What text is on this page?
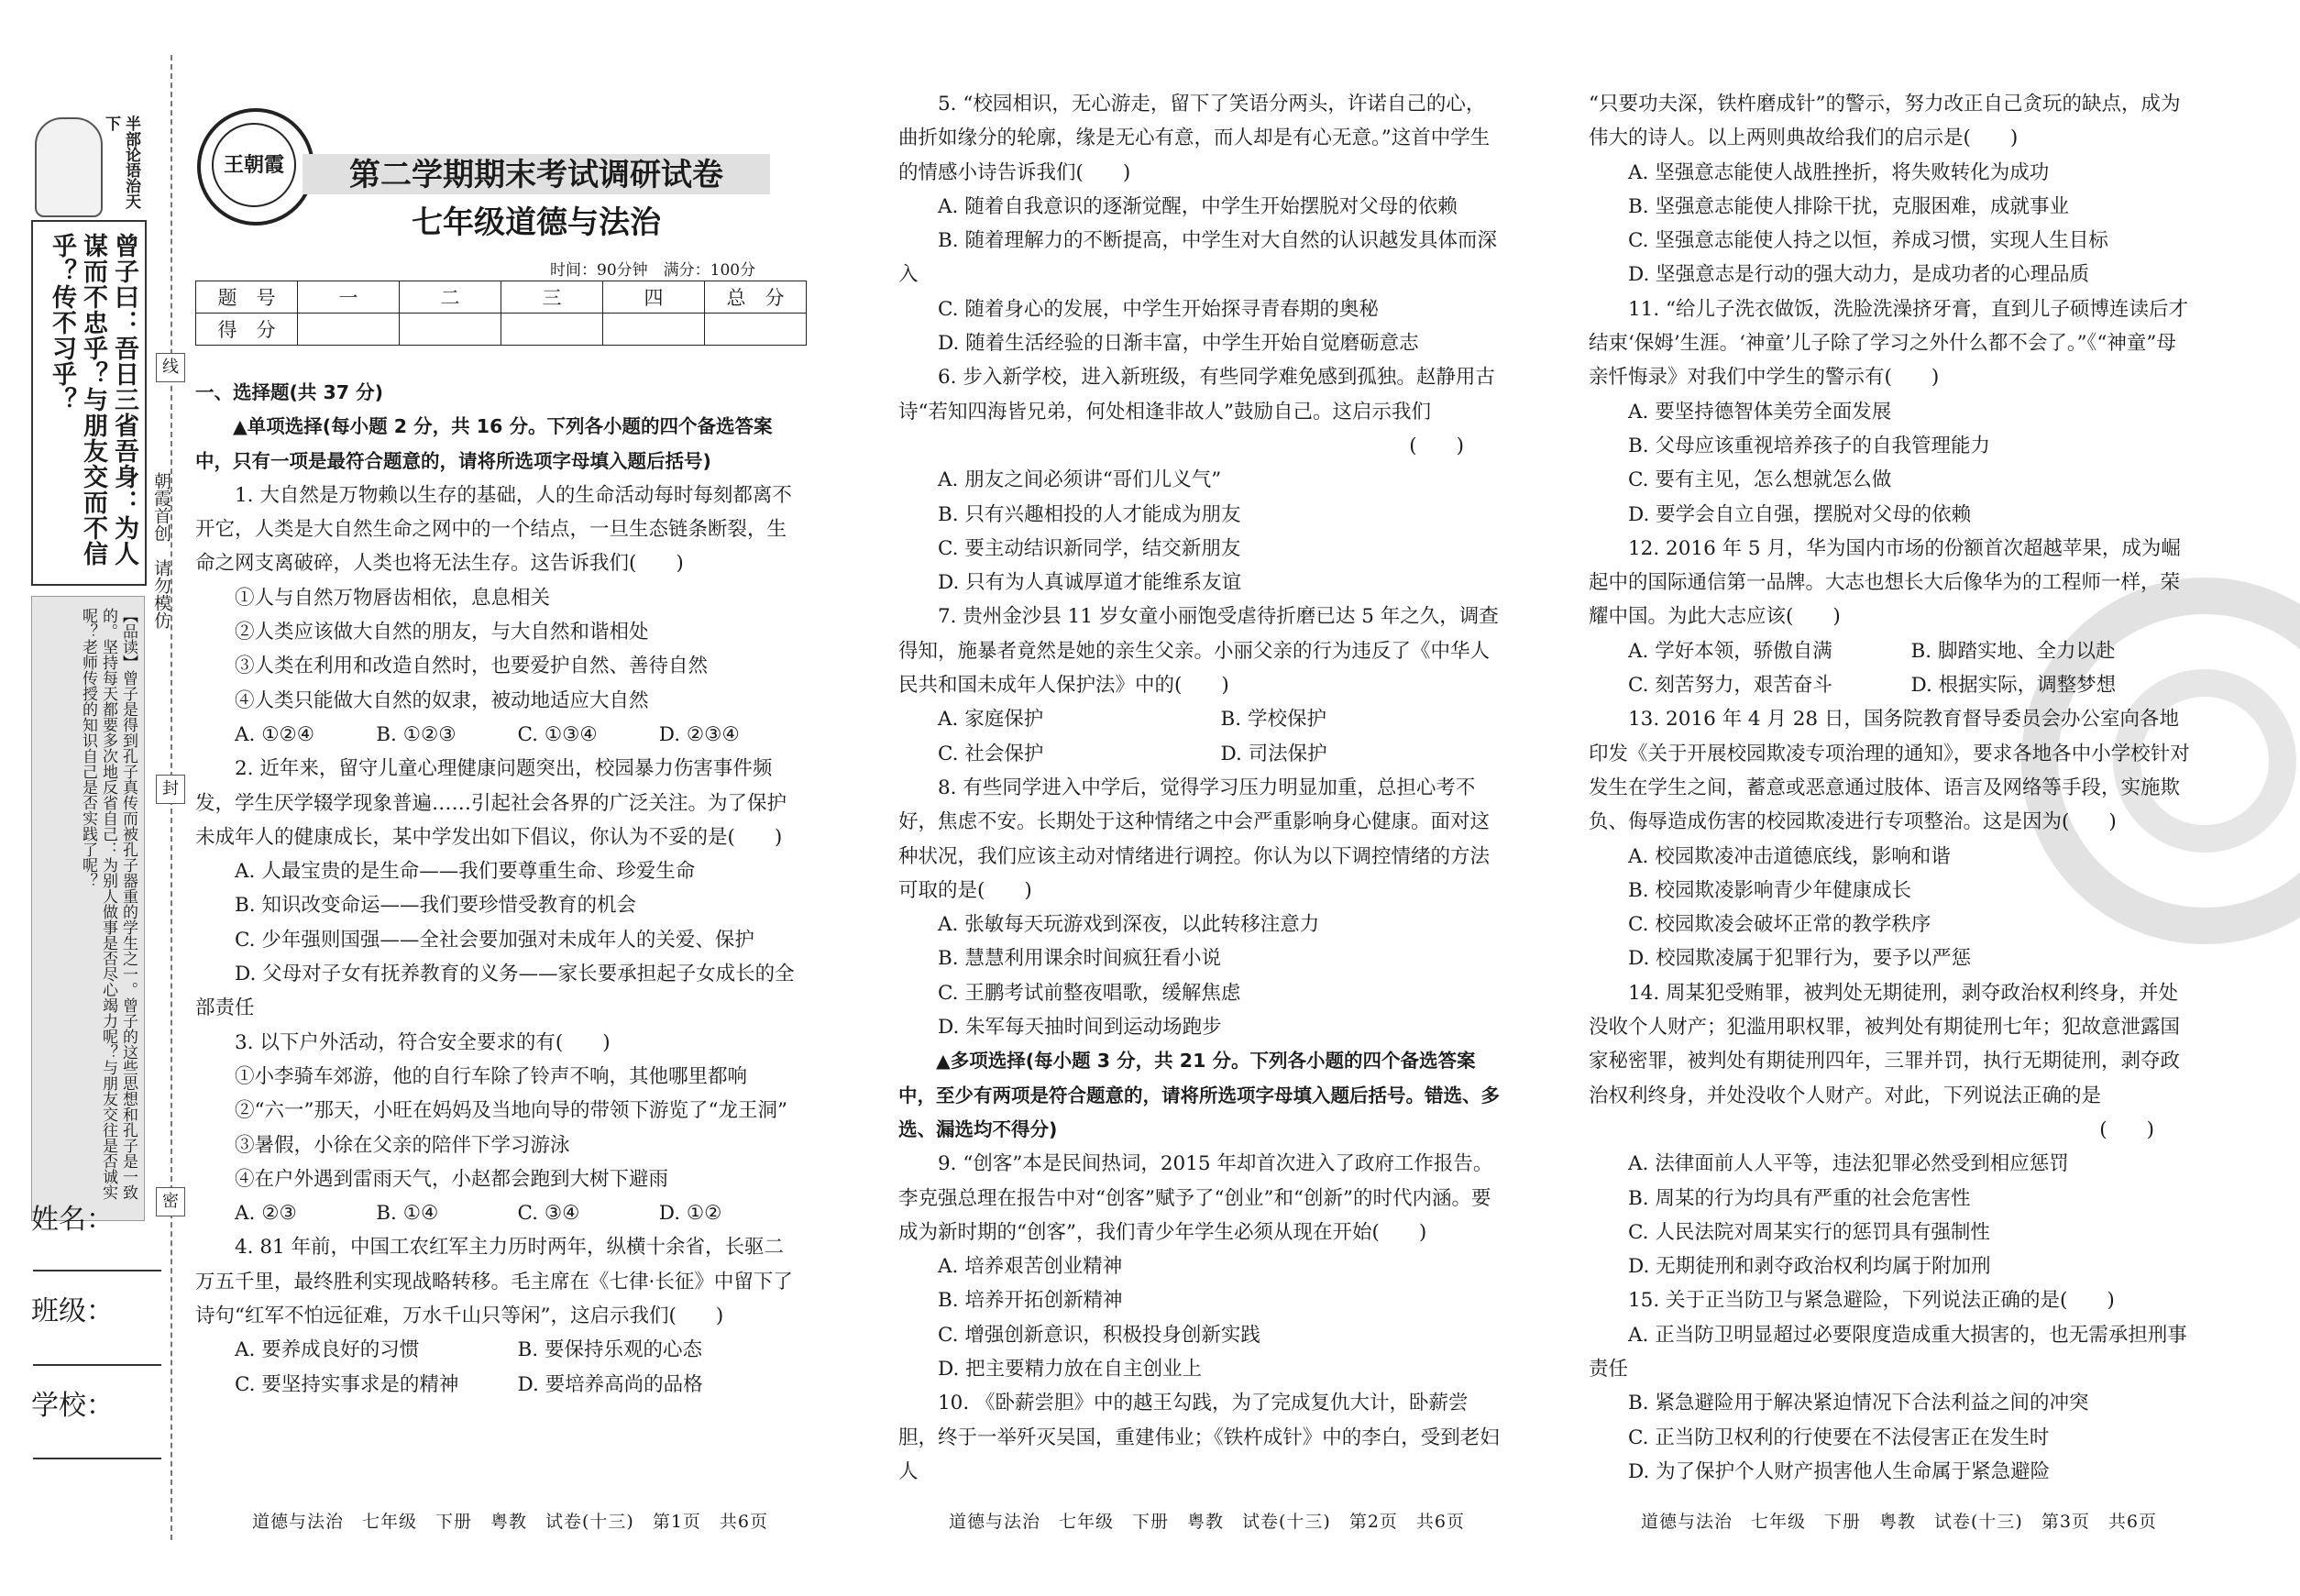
半部论语治天下
曾子曰：吾日三省吾身：为人谋而不忠乎？与朋友交而不信乎？传不习乎？
【品读】曾子是得到孔子真传而被孔子器重的学生之一。曾子的这些思想和孔子是一致的。坚持每天都要多次地反省自己：为别人做事是否尽心竭力呢？与朋友交往是否诚实呢？老师传授的知识自己是否实践了呢？
姓名：
班级：
学校：
线
封
密
朝霞首创　请勿模仿
王朝霞	第二学期期末考试调研试卷
七年级道德与法治
时间：90分钟　满分：100分
题　号	一	二	三	四	总　分
得　分					

一、选择题(共 37 分)

▲单项选择(每小题 2 分，共 16 分。下列各小题的四个备选答案中，只有一项是最符合题意的，请将所选项字母填入题后括号)

1. 大自然是万物赖以生存的基础，人的生命活动每时每刻都离不开它，人类是大自然生命之网中的一个结点，一旦生态链条断裂，生命之网支离破碎，人类也将无法生存。这告诉我们(　　)

①人与自然万物唇齿相依，息息相关

②人类应该做大自然的朋友，与大自然和谐相处

③人类在利用和改造自然时，也要爱护自然、善待自然

④人类只能做大自然的奴隶，被动地适应大自然

A. ①②④	B. ①②③	C. ①③④	D. ②③④

2. 近年来，留守儿童心理健康问题突出，校园暴力伤害事件频发，学生厌学辍学现象普遍……引起社会各界的广泛关注。为了保护未成年人的健康成长，某中学发出如下倡议，你认为不妥的是(　　)

A. 人最宝贵的是生命——我们要尊重生命、珍爱生命

B. 知识改变命运——我们要珍惜受教育的机会

C. 少年强则国强——全社会要加强对未成年人的关爱、保护

D. 父母对子女有抚养教育的义务——家长要承担起子女成长的全部责任

3. 以下户外活动，符合安全要求的有(　　)

①小李骑车郊游，他的自行车除了铃声不响，其他哪里都响

②“六一”那天，小旺在妈妈及当地向导的带领下游览了“龙王洞”

③暑假，小徐在父亲的陪伴下学习游泳

④在户外遇到雷雨天气，小赵都会跑到大树下避雨

A. ②③	B. ①④	C. ③④	D. ①②

4. 81 年前，中国工农红军主力历时两年，纵横十余省，长驱二万五千里，最终胜利实现战略转移。毛主席在《七律·长征》中留下了诗句“红军不怕远征难，万水千山只等闲”，这启示我们(　　)

A. 要养成良好的习惯	B. 要保持乐观的心态

C. 要坚持实事求是的精神	D. 要培养高尚的品格

道德与法治　七年级　下册　粤教　试卷(十三)　第1页　共6页

5. “校园相识，无心游走，留下了笑语分两头，许诺自己的心，曲折如缘分的轮廓，缘是无心有意，而人却是有心无意。”这首中学生的情感小诗告诉我们(　　)

A. 随着自我意识的逐渐觉醒，中学生开始摆脱对父母的依赖

B. 随着理解力的不断提高，中学生对大自然的认识越发具体而深入

C. 随着身心的发展，中学生开始探寻青春期的奥秘

D. 随着生活经验的日渐丰富，中学生开始自觉磨砺意志

6. 步入新学校，进入新班级，有些同学难免感到孤独。赵静用古诗“若知四海皆兄弟，何处相逢非故人”鼓励自己。这启示我们

(　　)

A. 朋友之间必须讲“哥们儿义气”

B. 只有兴趣相投的人才能成为朋友

C. 要主动结识新同学，结交新朋友

D. 只有为人真诚厚道才能维系友谊

7. 贵州金沙县 11 岁女童小丽饱受虐待折磨已达 5 年之久，调查得知，施暴者竟然是她的亲生父亲。小丽父亲的行为违反了《中华人民共和国未成年人保护法》中的(　　)

A. 家庭保护	B. 学校保护

C. 社会保护	D. 司法保护

8. 有些同学进入中学后，觉得学习压力明显加重，总担心考不好，焦虑不安。长期处于这种情绪之中会严重影响身心健康。面对这种状况，我们应该主动对情绪进行调控。你认为以下调控情绪的方法可取的是(　　)

A. 张敏每天玩游戏到深夜，以此转移注意力

B. 慧慧利用课余时间疯狂看小说

C. 王鹏考试前整夜唱歌，缓解焦虑

D. 朱军每天抽时间到运动场跑步

▲多项选择(每小题 3 分，共 21 分。下列各小题的四个备选答案中，至少有两项是符合题意的，请将所选项字母填入题后括号。错选、多选、漏选均不得分)

9. “创客”本是民间热词，2015 年却首次进入了政府工作报告。李克强总理在报告中对“创客”赋予了“创业”和“创新”的时代内涵。要成为新时期的“创客”，我们青少年学生必须从现在开始(　　)

A. 培养艰苦创业精神

B. 培养开拓创新精神

C. 增强创新意识，积极投身创新实践

D. 把主要精力放在自主创业上

10. 《卧薪尝胆》中的越王勾践，为了完成复仇大计，卧薪尝胆，终于一举歼灭吴国，重建伟业；《铁杵成针》中的李白，受到老妇人

道德与法治　七年级　下册　粤教　试卷(十三)　第2页　共6页

“只要功夫深，铁杵磨成针”的警示，努力改正自己贪玩的缺点，成为伟大的诗人。以上两则典故给我们的启示是(　　)

A. 坚强意志能使人战胜挫折，将失败转化为成功

B. 坚强意志能使人排除干扰，克服困难，成就事业

C. 坚强意志能使人持之以恒，养成习惯，实现人生目标

D. 坚强意志是行动的强大动力，是成功者的心理品质

11. “给儿子洗衣做饭，洗脸洗澡挤牙膏，直到儿子硕博连读后才结束‘保姆’生涯。‘神童’儿子除了学习之外什么都不会了。”《“神童”母亲忏悔录》对我们中学生的警示有(　　)

A. 要坚持德智体美劳全面发展

B. 父母应该重视培养孩子的自我管理能力

C. 要有主见，怎么想就怎么做

D. 要学会自立自强，摆脱对父母的依赖

12. 2016 年 5 月，华为国内市场的份额首次超越苹果，成为崛起中的国际通信第一品牌。大志也想长大后像华为的工程师一样，荣耀中国。为此大志应该(　　)

A. 学好本领，骄傲自满	B. 脚踏实地、全力以赴

C. 刻苦努力，艰苦奋斗	D. 根据实际，调整梦想

13. 2016 年 4 月 28 日，国务院教育督导委员会办公室向各地印发《关于开展校园欺凌专项治理的通知》，要求各地各中小学校针对发生在学生之间，蓄意或恶意通过肢体、语言及网络等手段，实施欺负、侮辱造成伤害的校园欺凌进行专项整治。这是因为(　　)

A. 校园欺凌冲击道德底线，影响和谐

B. 校园欺凌影响青少年健康成长

C. 校园欺凌会破坏正常的教学秩序

D. 校园欺凌属于犯罪行为，要予以严惩

14. 周某犯受贿罪，被判处无期徒刑，剥夺政治权利终身，并处没收个人财产；犯滥用职权罪，被判处有期徒刑七年；犯故意泄露国家秘密罪，被判处有期徒刑四年，三罪并罚，执行无期徒刑，剥夺政治权利终身，并处没收个人财产。对此，下列说法正确的是

(　　)

A. 法律面前人人平等，违法犯罪必然受到相应惩罚

B. 周某的行为均具有严重的社会危害性

C. 人民法院对周某实行的惩罚具有强制性

D. 无期徒刑和剥夺政治权利均属于附加刑

15. 关于正当防卫与紧急避险，下列说法正确的是(　　)

A. 正当防卫明显超过必要限度造成重大损害的，也无需承担刑事责任

B. 紧急避险用于解决紧迫情况下合法利益之间的冲突

C. 正当防卫权利的行使要在不法侵害正在发生时

D. 为了保护个人财产损害他人生命属于紧急避险

道德与法治　七年级　下册　粤教　试卷(十三)　第3页　共6页
